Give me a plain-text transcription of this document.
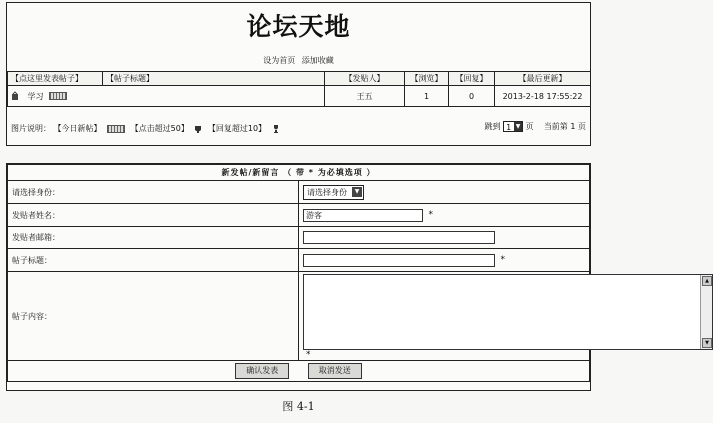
论坛天地
设为首页 添加收藏
【点这里发表帖子】	【帖子标题】	【发贴人】	【浏览】	【回复】	【最后更新】
学习		王五	1	0	2013-2-18 17:55:22
图片说明： 【今日新帖】	【点击超过50】 【回复超过10】	跳到 1 ▼ 页 当前第 1 页
新发帖/新留言 （ 带 * 为必填选项 ）	
请选择身份：	请选择身份 ▼

发贴者姓名：	游客 *
发贴者邮箱：	
帖子标题：	*
帖子内容：	▲
▼
*
确认发表 取消发送	
图 4-1
